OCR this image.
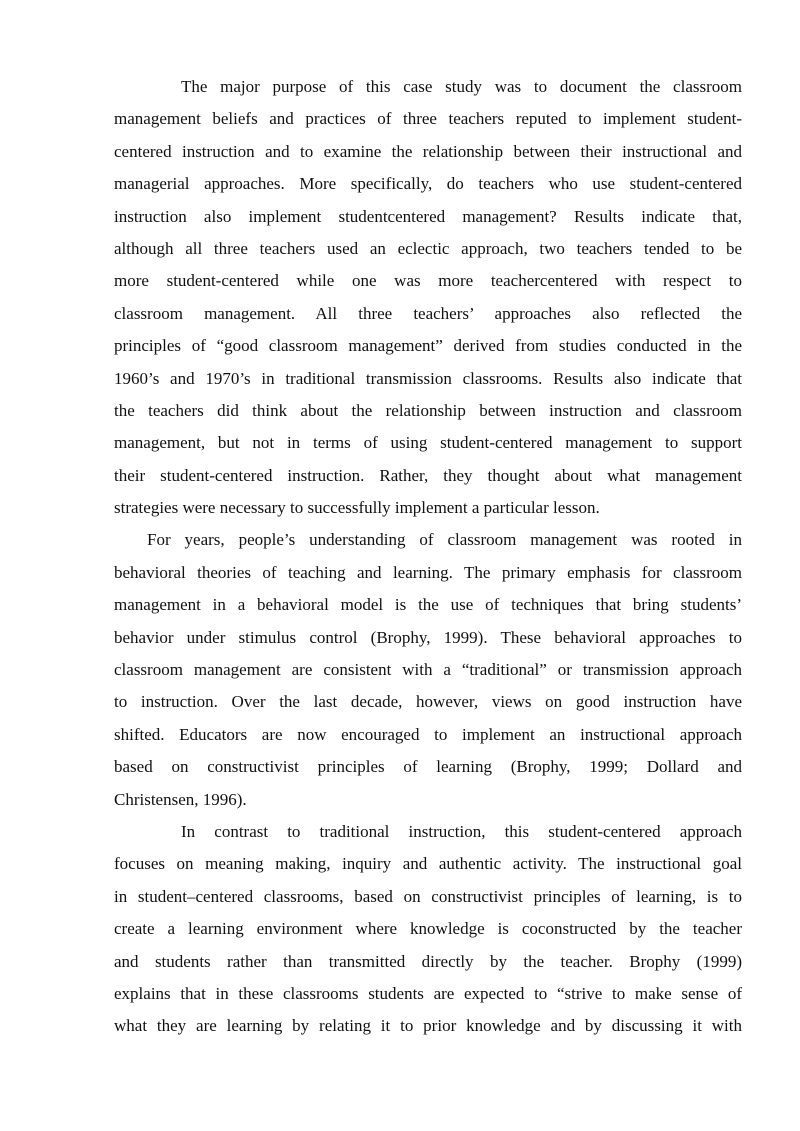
The major purpose of this case study was to document the classroom
management beliefs and practices of three teachers reputed to implement student-
centered instruction and to examine the relationship between their instructional and
managerial approaches. More specifically, do teachers who use student-centered
instruction also implement studentcentered management? Results indicate that,
although all three teachers used an eclectic approach, two teachers tended to be
more student-centered while one was more teachercentered with respect to
classroom management. All three teachers’ approaches also reflected the
principles of “good classroom management” derived from studies conducted in the
1960’s and 1970’s in traditional transmission classrooms. Results also indicate that
the teachers did think about the relationship between instruction and classroom
management, but not in terms of using student-centered management to support
their student-centered instruction. Rather, they thought about what management
strategies were necessary to successfully implement a particular lesson.
For years, people’s understanding of classroom management was rooted in
behavioral theories of teaching and learning. The primary emphasis for classroom
management in a behavioral model is the use of techniques that bring students’
behavior under stimulus control (Brophy, 1999). These behavioral approaches to
classroom management are consistent with a “traditional” or transmission approach
to instruction. Over the last decade, however, views on good instruction have
shifted. Educators are now encouraged to implement an instructional approach
based on constructivist principles of learning (Brophy, 1999; Dollard and
Christensen, 1996).
In contrast to traditional instruction, this student-centered approach
focuses on meaning making, inquiry and authentic activity. The instructional goal
in student–centered classrooms, based on constructivist principles of learning, is to
create a learning environment where knowledge is coconstructed by the teacher
and students rather than transmitted directly by the teacher. Brophy (1999)
explains that in these classrooms students are expected to “strive to make sense of
what they are learning by relating it to prior knowledge and by discussing it with
